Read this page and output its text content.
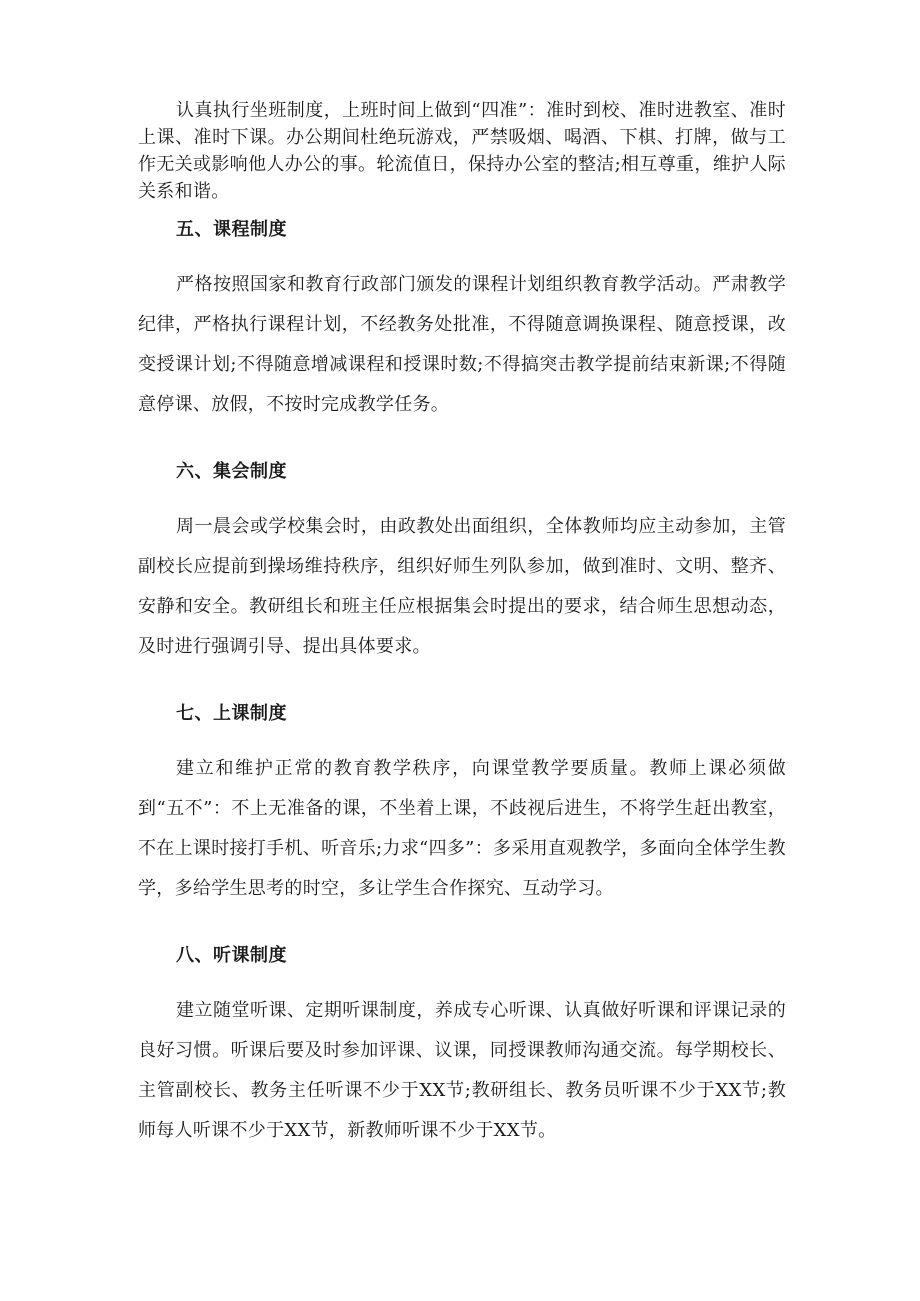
认真执行坐班制度，上班时间上做到“四准”：准时到校、准时进教室、准时上课、准时下课。办公期间杜绝玩游戏，严禁吸烟、喝酒、下棋、打牌，做与工作无关或影响他人办公的事。轮流值日，保持办公室的整洁;相互尊重，维护人际关系和谐。

五、课程制度

严格按照国家和教育行政部门颁发的课程计划组织教育教学活动。严肃教学纪律，严格执行课程计划，不经教务处批准，不得随意调换课程、随意授课，改变授课计划;不得随意增减课程和授课时数;不得搞突击教学提前结束新课;不得随意停课、放假，不按时完成教学任务。

六、集会制度

周一晨会或学校集会时，由政教处出面组织，全体教师均应主动参加，主管副校长应提前到操场维持秩序，组织好师生列队参加，做到准时、文明、整齐、安静和安全。教研组长和班主任应根据集会时提出的要求，结合师生思想动态，及时进行强调引导、提出具体要求。

七、上课制度

建立和维护正常的教育教学秩序，向课堂教学要质量。教师上课必须做到“五不”：不上无准备的课，不坐着上课，不歧视后进生，不将学生赶出教室，不在上课时接打手机、听音乐;力求“四多”：多采用直观教学，多面向全体学生教学，多给学生思考的时空，多让学生合作探究、互动学习。

八、听课制度

建立随堂听课、定期听课制度，养成专心听课、认真做好听课和评课记录的良好习惯。听课后要及时参加评课、议课，同授课教师沟通交流。每学期校长、主管副校长、教务主任听课不少于XX节;教研组长、教务员听课不少于XX节;教师每人听课不少于XX节，新教师听课不少于XX节。
